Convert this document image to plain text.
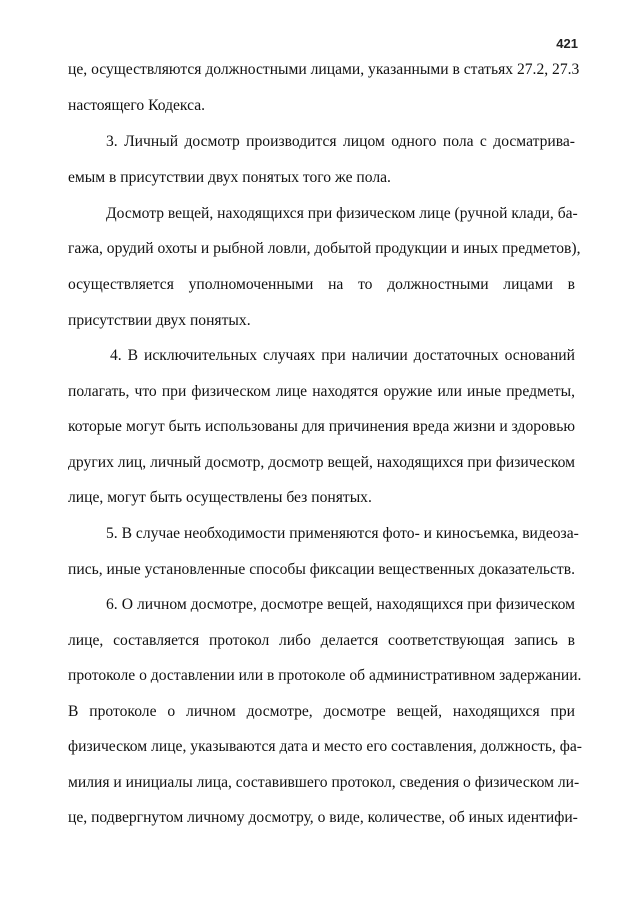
421
це, осуществляются должностными лицами, указанными в статьях 27.2, 27.3
настоящего Кодекса.
3. Личный досмотр производится лицом одного пола с досматрива-
емым в присутствии двух понятых того же пола.
Досмотр вещей, находящихся при физическом лице (ручной клади, ба-
гажа, орудий охоты и рыбной ловли, добытой продукции и иных предметов),
осуществляется уполномоченными на то должностными лицами в
присутствии двух понятых.
4. В исключительных случаях при наличии достаточных оснований
полагать, что при физическом лице находятся оружие или иные предметы,
которые могут быть использованы для причинения вреда жизни и здоровью
других лиц, личный досмотр, досмотр вещей, находящихся при физическом
лице, могут быть осуществлены без понятых.
5. В случае необходимости применяются фото- и киносъемка, видеоза-
пись, иные установленные способы фиксации вещественных доказательств.
6. О личном досмотре, досмотре вещей, находящихся при физическом
лице, составляется протокол либо делается соответствующая запись в
протоколе о доставлении или в протоколе об административном задержании.
В протоколе о личном досмотре, досмотре вещей, находящихся при
физическом лице, указываются дата и место его составления, должность, фа-
милия и инициалы лица, составившего протокол, сведения о физическом ли-
це, подвергнутом личному досмотру, о виде, количестве, об иных идентифи-
